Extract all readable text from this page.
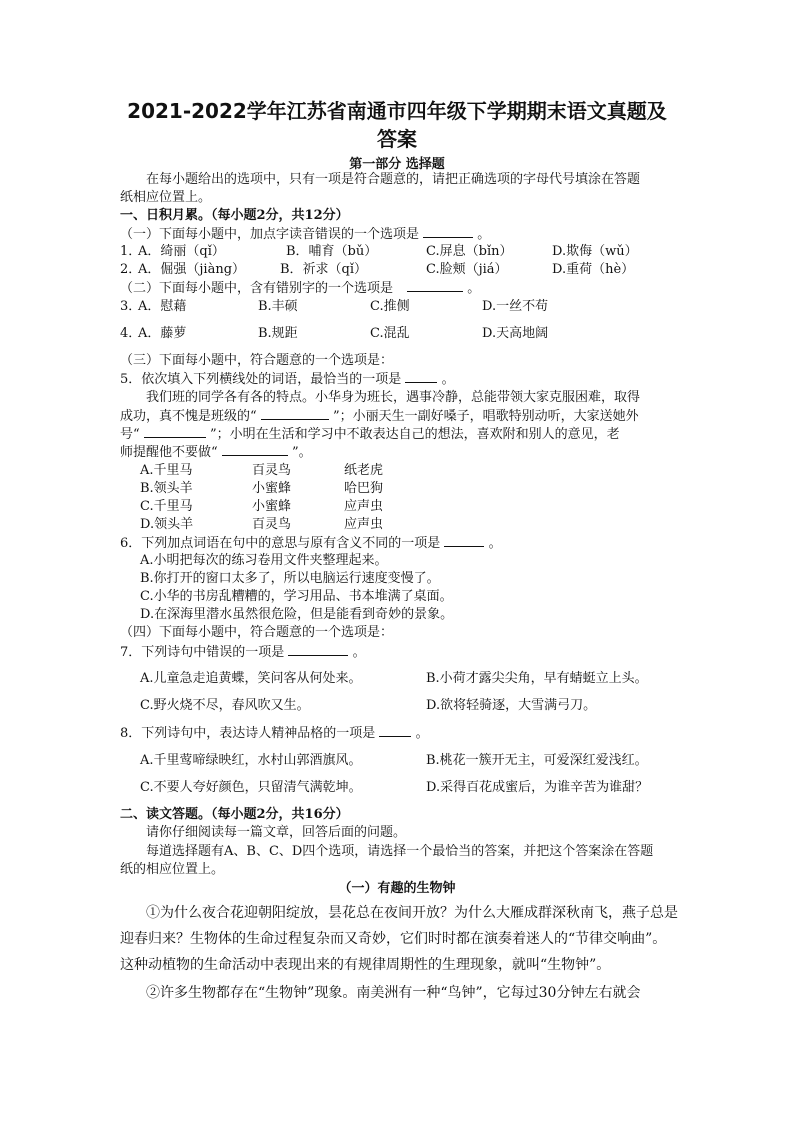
2021-2022学年江苏省南通市四年级下学期期末语文真题及
答案
第一部分 选择题
在每小题给出的选项中，只有一项是符合题意的，请把正确选项的字母代号填涂在答题
纸相应位置上。
一、日积月累。（每小题2分，共12分）
（一）下面每小题中，加点字读音错误的一个选项是	。
1．
A．绮丽（qǐ）	B．哺育（bǔ）	C.屏息（bǐn）	D.欺侮（wǔ）
2．
A．倔强（jiàng）	B．祈求（qǐ）	C.脸颊（jiá）	D.重荷（hè）
（二）下面每小题中，含有错别字的一个选项是	。
3．
A．慰藉	B.丰硕	C.推侧	D.一丝不苟
4．
A．藤萝	B.规距	C.混乱	D.天高地阔
（三）下面每小题中，符合题意的一个选项是：
5．依次填入下列横线处的词语，最恰当的一项是	。
我们班的同学各有各的特点。小华身为班长，遇事冷静，总能带领大家克服困难，取得
成功，真不愧是班级的“	”；小丽天生一副好嗓子，唱歌特别动听，大家送她外
号“	”；小明在生活和学习中不敢表达自己的想法，喜欢附和别人的意见，老
师提醒他不要做“	”。
A.千里马	百灵鸟	纸老虎
B.领头羊	小蜜蜂	哈巴狗
C.千里马	小蜜蜂	应声虫
D.领头羊	百灵鸟	应声虫
6．下列加点词语在句中的意思与原有含义不同的一项是	。
A.小明把每次的练习卷用文件夹整理起来。
B.你打开的窗口太多了，所以电脑运行速度变慢了。
C.小华的书房乱糟糟的，学习用品、书本堆满了桌面。
D.在深海里潜水虽然很危险，但是能看到奇妙的景象。
（四）下面每小题中，符合题意的一个选项是：
7．下列诗句中错误的一项是	。
A.儿童急走追黄蝶，笑问客从何处来。	B.小荷才露尖尖角，早有蜻蜓立上头。
C.野火烧不尽，春风吹又生。	D.欲将轻骑逐，大雪满弓刀。
8．下列诗句中，表达诗人精神品格的一项是	。
A.千里莺啼绿映红，水村山郭酒旗风。	B.桃花一簇开无主，可爱深红爱浅红。
C.不要人夸好颜色，只留清气满乾坤。	D.采得百花成蜜后，为谁辛苦为谁甜？
二、读文答题。（每小题2分，共16分）
请你仔细阅读每一篇文章，回答后面的问题。
每道选择题有A、B、C、D四个选项，请选择一个最恰当的答案，并把这个答案涂在答题
纸的相应位置上。
（一）有趣的生物钟
①为什么夜合花迎朝阳绽放，昙花总在夜间开放？为什么大雁成群深秋南飞，燕子总是
迎春归来？生物体的生命过程复杂而又奇妙，它们时时都在演奏着迷人的“节律交响曲”。
这种动植物的生命活动中表现出来的有规律周期性的生理现象，就叫“生物钟”。
②许多生物都存在“生物钟”现象。南美洲有一种“鸟钟”，它每过30分钟左右就会
